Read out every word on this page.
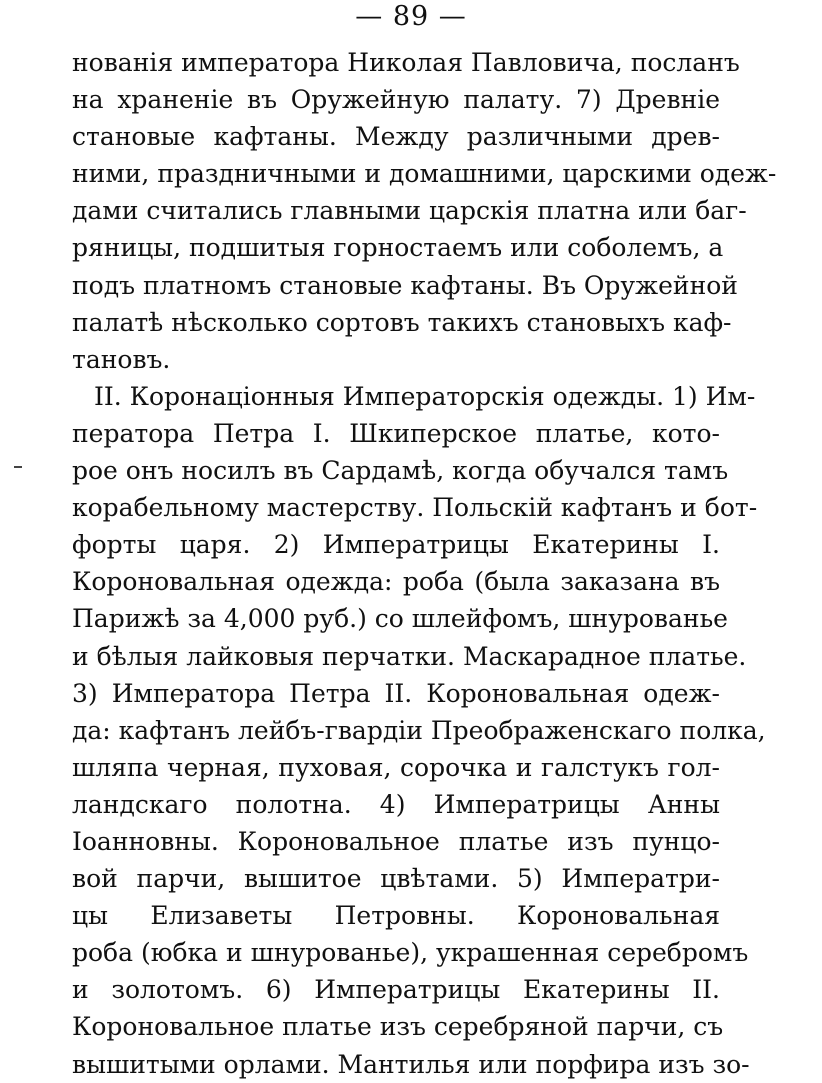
— 89 —
нованія императора Николая Павловича, посланъ
на храненіе въ Оружейную палату. 7) Древніе
становые кафтаны. Между различными древ-
ними, праздничными и домашними, царскими одеж-
дами считались главными царскія платна или баг-
ряницы, подшитыя горностаемъ или соболемъ, а
подъ платномъ становые кафтаны. Въ Оружейной
палатѣ нѣсколько сортовъ такихъ становыхъ каф-
тановъ.
II. Коронаціонныя Императорскія одежды. 1) Им-
ператора Петра I. Шкиперское платье, кото-
рое онъ носилъ въ Сардамѣ, когда обучался тамъ
корабельному мастерству. Польскій кафтанъ и бот-
форты царя. 2) Императрицы Екатерины I.
Короновальная одежда: роба (была заказана въ
Парижѣ за 4,000 руб.) со шлейфомъ, шнурованье
и бѣлыя лайковыя перчатки. Маскарадное платье.
3) Императора Петра II. Короновальная одеж-
да: кафтанъ лейбъ-гвардіи Преображенскаго полка,
шляпа черная, пуховая, сорочка и галстукъ гол-
ландскаго полотна. 4) Императрицы Анны
Іоанновны. Короновальное платье изъ пунцо-
вой парчи, вышитое цвѣтами. 5) Императри-
цы Елизаветы Петровны. Короновальная
роба (юбка и шнурованье), украшенная серебромъ
и золотомъ. 6) Императрицы Екатерины II.
Короновальное платье изъ серебряной парчи, съ
вышитыми орлами. Мантилья или порфира изъ зо-
